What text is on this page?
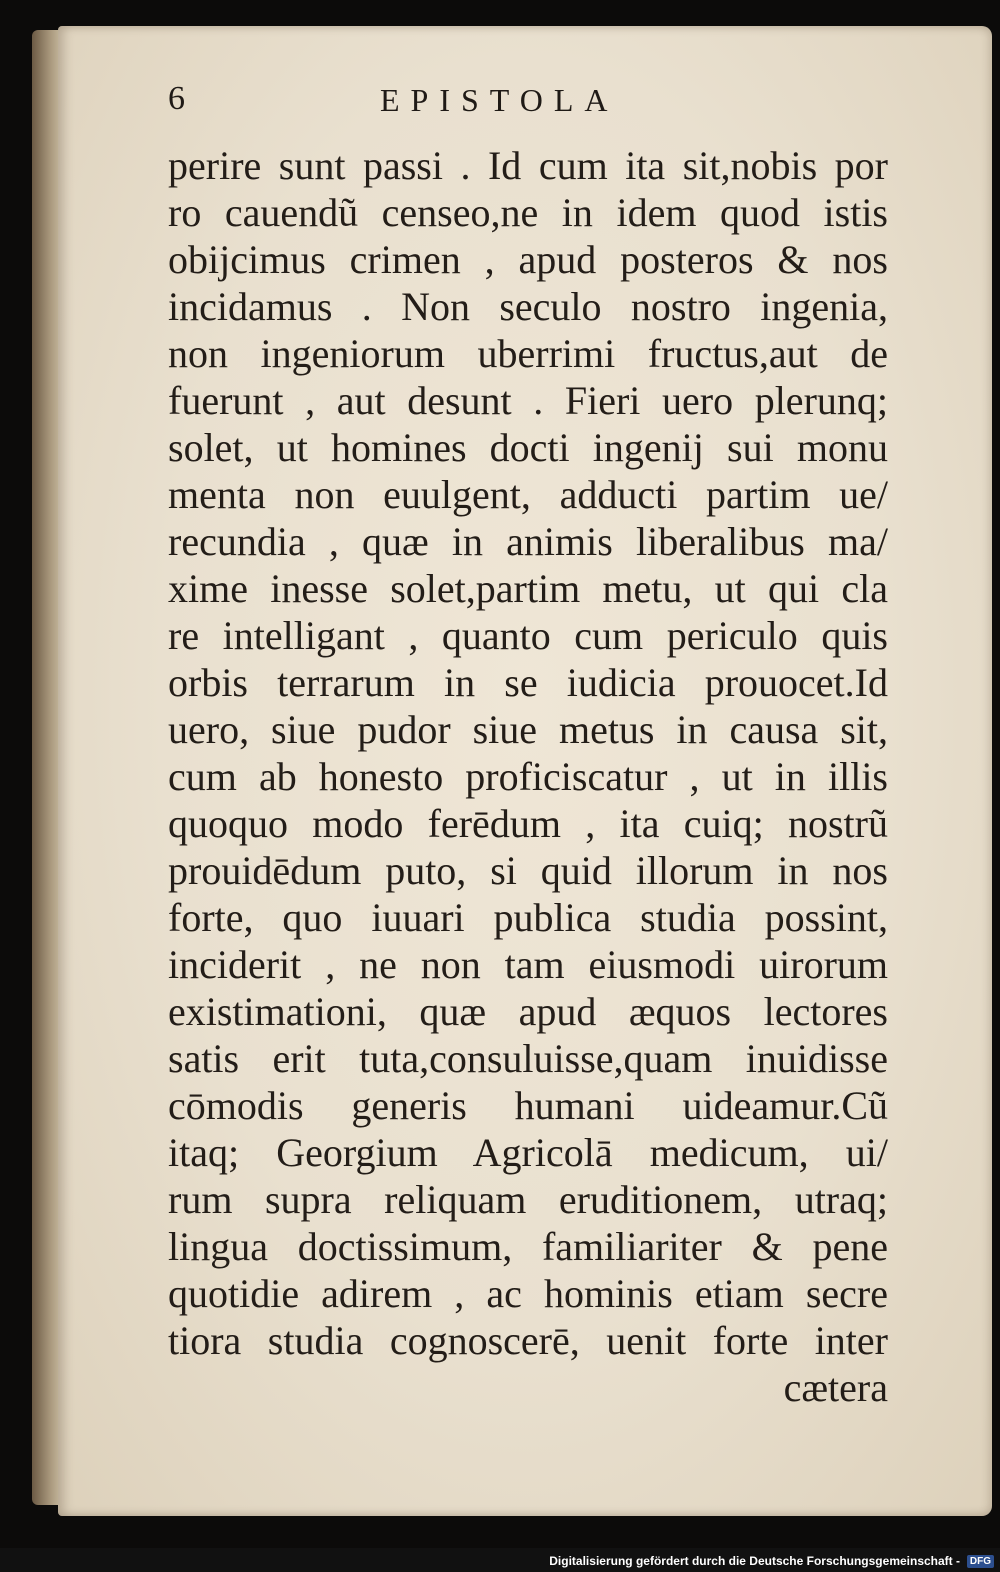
6	EPISTOLA
perire sunt passi . Id cum ita sit,nobis por
ro cauendũ censeo,ne in idem quod istis
obijcimus crimen , apud posteros & nos
incidamus . Non seculo nostro ingenia,
non ingeniorum uberrimi fructus,aut de
fuerunt , aut desunt . Fieri uero plerunq;
solet, ut homines docti ingenij sui monu
menta non euulgent, adducti partim ue/
recundia , quæ in animis liberalibus ma/
xime inesse solet,partim metu, ut qui cla
re intelligant , quanto cum periculo quis
orbis terrarum in se iudicia prouocet.Id
uero, siue pudor siue metus in causa sit,
cum ab honesto proficiscatur , ut in illis
quoquo modo ferēdum , ita cuiq; nostrũ
prouidēdum puto, si quid illorum in nos
forte, quo iuuari publica studia possint,
inciderit , ne non tam eiusmodi uirorum
existimationi, quæ apud æquos lectores
satis erit tuta,consuluisse,quam inuidisse
cōmodis generis humani uideamur.Cũ
itaq; Georgium Agricolā medicum, ui/
rum supra reliquam eruditionem, utraq;
lingua doctissimum, familiariter & pene
quotidie adirem , ac hominis etiam secre
tiora studia cognoscerē, uenit forte inter
cætera
Digitalisierung gefördert durch die Deutsche Forschungsgemeinschaft - DFG
